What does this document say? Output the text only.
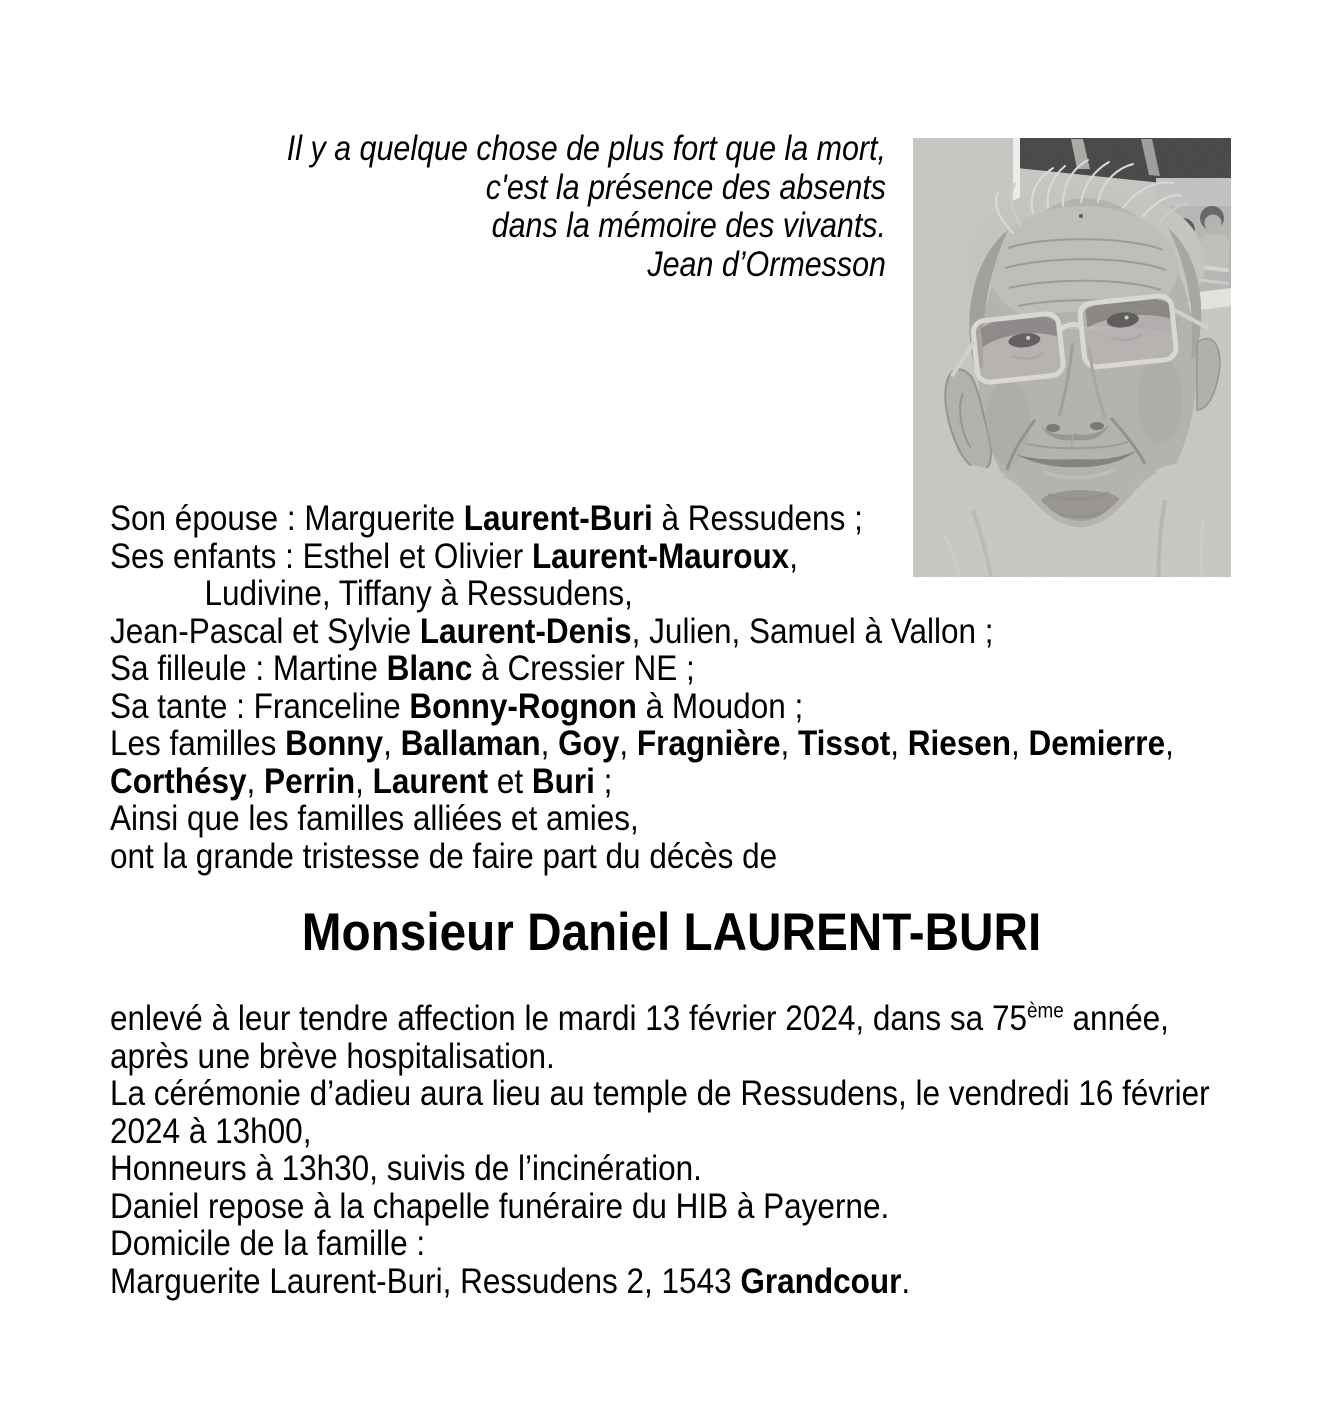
Il y a quelque chose de plus fort que la mort,
c'est la présence des absents
dans la mémoire des vivants.
Jean d’Ormesson
Son épouse : Marguerite Laurent-Buri à Ressudens ;
Ses enfants : Esthel et Olivier Laurent-Mauroux,
Ludivine, Tiffany à Ressudens,
Jean-Pascal et Sylvie Laurent-Denis, Julien, Samuel à Vallon ;
Sa filleule : Martine Blanc à Cressier NE ;
Sa tante : Franceline Bonny-Rognon à Moudon ;
Les familles Bonny, Ballaman, Goy, Fragnière, Tissot, Riesen, Demierre,
Corthésy, Perrin, Laurent et Buri ;
Ainsi que les familles alliées et amies,
ont la grande tristesse de faire part du décès de
Monsieur Daniel LAURENT-BURI
enlevé à leur tendre affection le mardi 13 février 2024, dans sa 75ème année,
après une brève hospitalisation.
La cérémonie d’adieu aura lieu au temple de Ressudens, le vendredi 16 février
2024 à 13h00,
Honneurs à 13h30, suivis de l’incinération.
Daniel repose à la chapelle funéraire du HIB à Payerne.
Domicile de la famille :
Marguerite Laurent-Buri, Ressudens 2, 1543 Grandcour.
